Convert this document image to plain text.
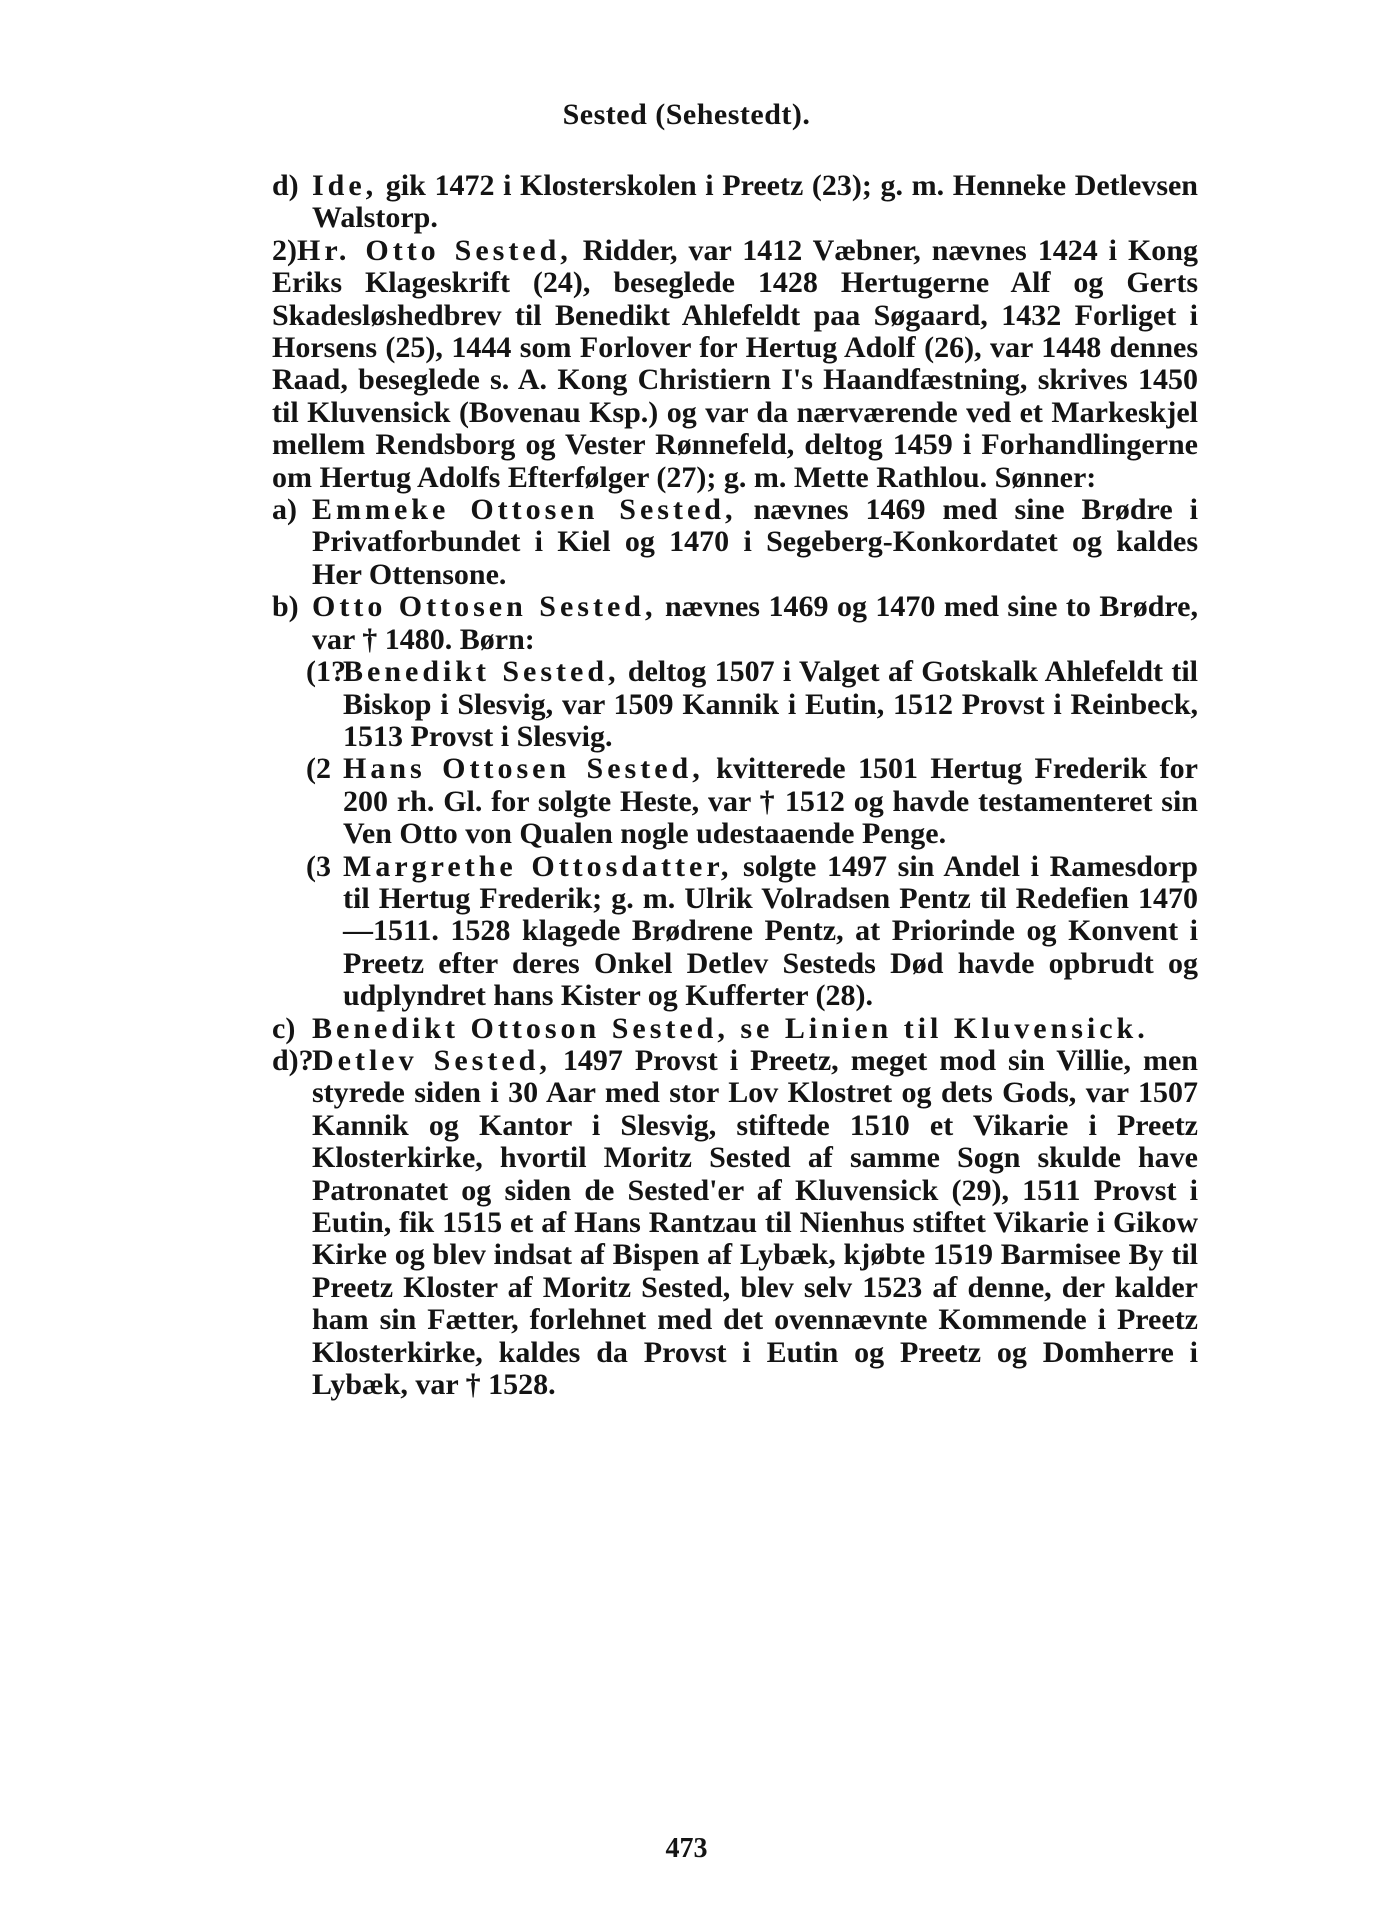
Sested (Sehestedt).

d) Ide, gik 1472 i Klosterskolen i Preetz (23); g. m. Henneke Detlevsen Walstorp.

2)Hr. Otto Sested, Ridder, var 1412 Væbner, nævnes 1424 i Kong Eriks Klageskrift (24), beseglede 1428 Hertugerne Alf og Gerts Skadesløshedbrev til Benedikt Ahlefeldt paa Søgaard, 1432 Forliget i Horsens (25), 1444 som Forlover for Hertug Adolf (26), var 1448 dennes Raad, beseglede s. A. Kong Christiern I's Haandfæstning, skrives 1450 til Kluvensick (Bovenau Ksp.) og var da nærværende ved et Markeskjel mellem Rendsborg og Vester Rønnefeld, deltog 1459 i Forhandlingerne om Hertug Adolfs Efterfølger (27); g. m. Mette Rathlou. Sønner:

a) Emmeke Ottosen Sested, nævnes 1469 med sine Brødre i Privatforbundet i Kiel og 1470 i Segeberg-Konkordatet og kaldes Her Ottensone.

b) Otto Ottosen Sested, nævnes 1469 og 1470 med sine to Brødre, var † 1480. Børn:

(1?
Benedikt Sested, deltog 1507 i Valget af Gotskalk Ahlefeldt til Biskop i Slesvig, var 1509 Kannik i Eutin, 1512 Provst i Reinbeck, 1513 Provst i Slesvig.

(2 Hans Ottosen Sested, kvitterede 1501 Hertug Frederik for 200 rh. Gl. for solgte Heste, var † 1512 og havde testamenteret sin Ven Otto von Qualen nogle udestaaende Penge.

(3 Margrethe Ottosdatter, solgte 1497 sin Andel i Ramesdorp til Hertug Frederik; g. m. Ulrik Volradsen Pentz til Redefien 1470—1511. 1528 klagede Brødrene Pentz, at Priorinde og Konvent i Preetz efter deres Onkel Detlev Sesteds Død havde opbrudt og udplyndret hans Kister og Kufferter (28).

c) Benedikt Ottoson Sested, se Linien til Kluvensick.

d)?
Detlev Sested, 1497 Provst i Preetz, meget mod sin Villie, men styrede siden i 30 Aar med stor Lov Klostret og dets Gods, var 1507 Kannik og Kantor i Slesvig, stiftede 1510 et Vikarie i Preetz Klosterkirke, hvortil Moritz Sested af samme Sogn skulde have Patronatet og siden de Sested'er af Kluvensick (29), 1511 Provst i Eutin, fik 1515 et af Hans Rantzau til Nienhus stiftet Vikarie i Gikow Kirke og blev indsat af Bispen af Lybæk, kjøbte 1519 Barmisee By til Preetz Kloster af Moritz Sested, blev selv 1523 af denne, der kalder ham sin Fætter, forlehnet med det ovennævnte Kommende i Preetz Klosterkirke, kaldes da Provst i Eutin og Preetz og Domherre i Lybæk, var † 1528.

473
